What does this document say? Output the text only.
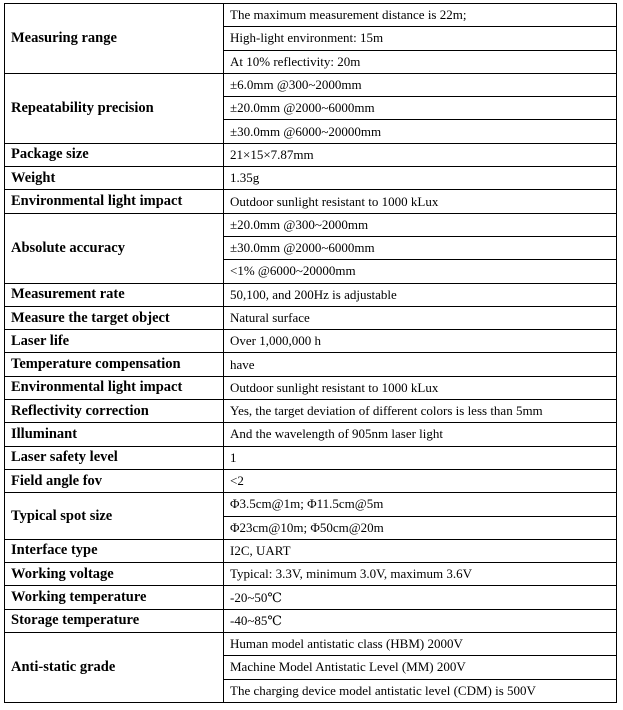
Measuring range	The maximum measurement distance is 22m;
	High-light environment: 15m
	At 10% reflectivity: 20m
Repeatability precision	±6.0mm @300~2000mm
	±20.0mm @2000~6000mm
	±30.0mm @6000~20000mm
Package size	21×15×7.87mm
Weight	1.35g
Environmental light impact	Outdoor sunlight resistant to 1000 kLux
Absolute accuracy	±20.0mm @300~2000mm
	±30.0mm @2000~6000mm
	<1% @6000~20000mm
Measurement rate	50,100, and 200Hz is adjustable
Measure the target object	Natural surface
Laser life	Over 1,000,000 h
Temperature compensation	have
Environmental light impact	Outdoor sunlight resistant to 1000 kLux
Reflectivity correction	Yes, the target deviation of different colors is less than 5mm
Illuminant	And the wavelength of 905nm laser light
Laser safety level	1
Field angle fov	<2
Typical spot size	Φ3.5cm@1m; Φ11.5cm@5m
	Φ23cm@10m; Φ50cm@20m
Interface type	I2C, UART
Working voltage	Typical: 3.3V, minimum 3.0V, maximum 3.6V
Working temperature	-20~50℃
Storage temperature	-40~85℃
Anti-static grade	Human model antistatic class (HBM) 2000V
	Machine Model Antistatic Level (MM) 200V
	The charging device model antistatic level (CDM) is 500V
